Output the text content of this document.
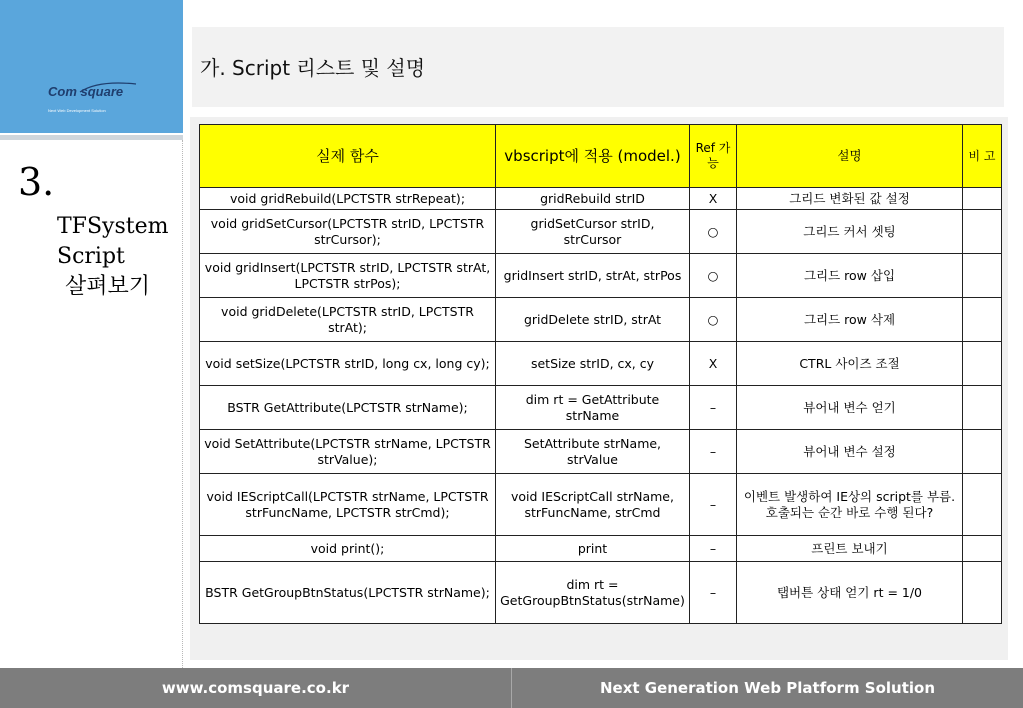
Com square
Next Web Development Solution
3.
TFSystem
Script
살펴보기
가. Script 리스트 및 설명
실제 함수	vbscript에 적용 (model.)	Ref 가 능	설명	비 고
void gridRebuild(LPCTSTR strRepeat);	gridRebuild strID	X	그리드 변화된 값 설정	
void gridSetCursor(LPCTSTR strID, LPCTSTR strCursor);	gridSetCursor strID, strCursor	○	그리드 커서 셋팅	
void gridInsert(LPCTSTR strID, LPCTSTR strAt, LPCTSTR strPos);	gridInsert strID, strAt, strPos	○	그리드 row 삽입	
void gridDelete(LPCTSTR strID, LPCTSTR strAt);	gridDelete strID, strAt	○	그리드 row 삭제	
void setSize(LPCTSTR strID, long cx, long cy);	setSize strID, cx, cy	X	CTRL 사이즈 조절	
BSTR GetAttribute(LPCTSTR strName);	dim rt = GetAttribute strName	–	뷰어내 변수 얻기	
void SetAttribute(LPCTSTR strName, LPCTSTR strValue);	SetAttribute strName, strValue	–	뷰어내 변수 설정	
void IEScriptCall(LPCTSTR strName, LPCTSTR strFuncName, LPCTSTR strCmd);	void IEScriptCall strName, strFuncName, strCmd	–	이벤트 발생하여 IE상의 script를 부름. 호출되는 순간 바로 수행 된다?	
void print();	print	–	프린트 보내기	
BSTR GetGroupBtnStatus(LPCTSTR strName);	dim rt = GetGroupBtnStatus(strName)	–	탭버튼 상태 얻기 rt = 1/0	
www.comsquare.co.kr	Next Generation Web Platform Solution
